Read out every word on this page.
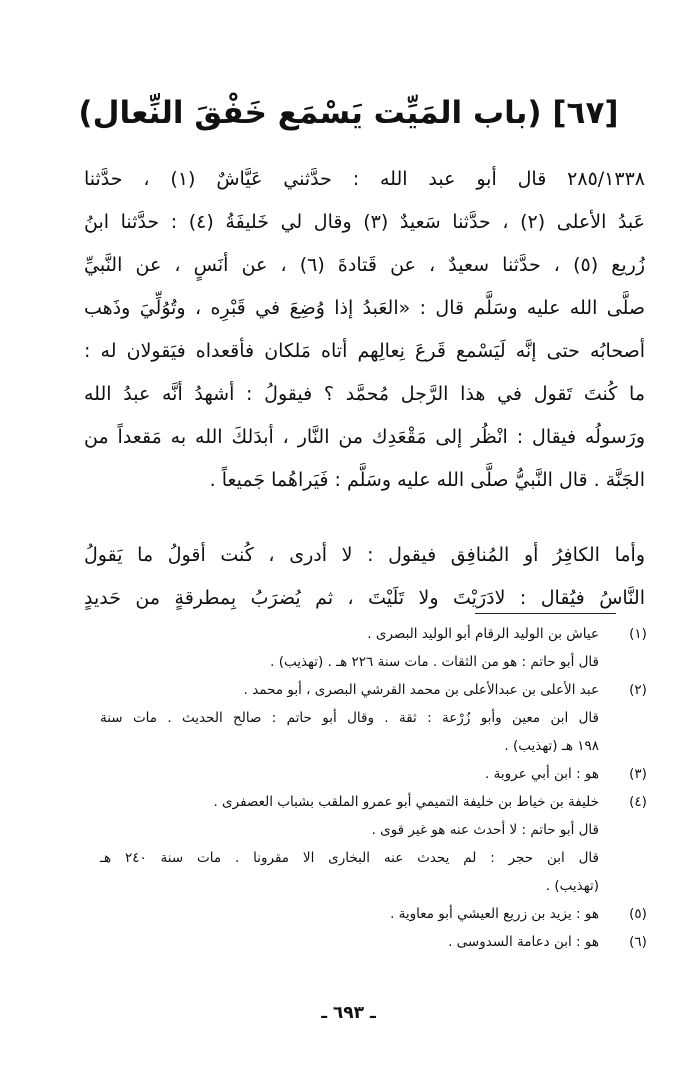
[٦٧] (باب المَيِّت يَسْمَع خَفْقَ النِّعال)
٢٨٥/١٣٣٨ قال أبو عبد الله : حدَّثني عَيَّاشٌ (١) ، حدَّثنا
عَبدُ الأعلى (٢) ، حدَّثنا سَعيدٌ (٣) وقال لي خَليفَةُ (٤) : حدَّثنا ابنُ
زُريع (٥) ، حدَّثنا سعيدٌ ، عن قَتادةَ (٦) ، عن أنَسٍ ، عن النَّبيِّ
صلَّى الله عليه وسَلَّم قال : «العَبدُ إذا وُضِعَ في قَبْرِه ، وتُوُلِّيَ وذَهب
أصحابُه حتى إنَّه لَيَسْمع قَرعَ نِعالِهم أتاه مَلكان فأقعداه فيَقولان له :
ما كُنتَ تَقول في هذا الرَّجل مُحمَّد ؟ فيقولُ : أشهدُ أنَّه عبدُ الله
ورَسولُه فيقال : انْظُر إلى مَقْعَدِك من النَّار ، أبدَلكَ الله به مَقعداً من
الجَنَّة . قال النَّبيُّ صلَّى الله عليه وسَلَّم : فَيَراهُما جَميعاً .
وأما الكافِرُ أو المُنافِق فيقول : لا أدرى ، كُنت أقولُ ما يَقولُ
النَّاسُ فيُقال : لادَرَيْتَ ولا تَلَيْتَ ، ثم يُضرَبُ بِمطرقةٍ من حَديدٍ
(١)
عياش بن الوليد الرقام أبو الوليد البصرى .
قال أبو حاتم : هو من الثقات . مات سنة ٢٢٦ هـ . (تهذيب) .
(٢)
عبد الأعلى بن عبدالأعلى بن محمد القرشي البصرى ، أبو محمد .
قال ابن معين وأبو زُرْعة : ثقة . وقال أبو حاتم : صالح الحديث . مات سنة
١٩٨ هـ (تهذيب) .
(٣)
هو : ابن أبي عروبة .
(٤)
خليفة بن خياط بن خليفة التميمي أبو عمرو الملقب بشباب العصفرى .
قال أبو حاتم : لا أحدث عنه هو غير قوى .
قال ابن حجر : لم يحدث عنه البخارى الا مقرونا . مات سنة ٢٤٠ هـ
(تهذيب) .
(٥)
هو : يزيد بن زريع العيشي أبو معاوية .
(٦)
هو : ابن دعامة السدوسى .
ـ ٦٩٣ ـ
